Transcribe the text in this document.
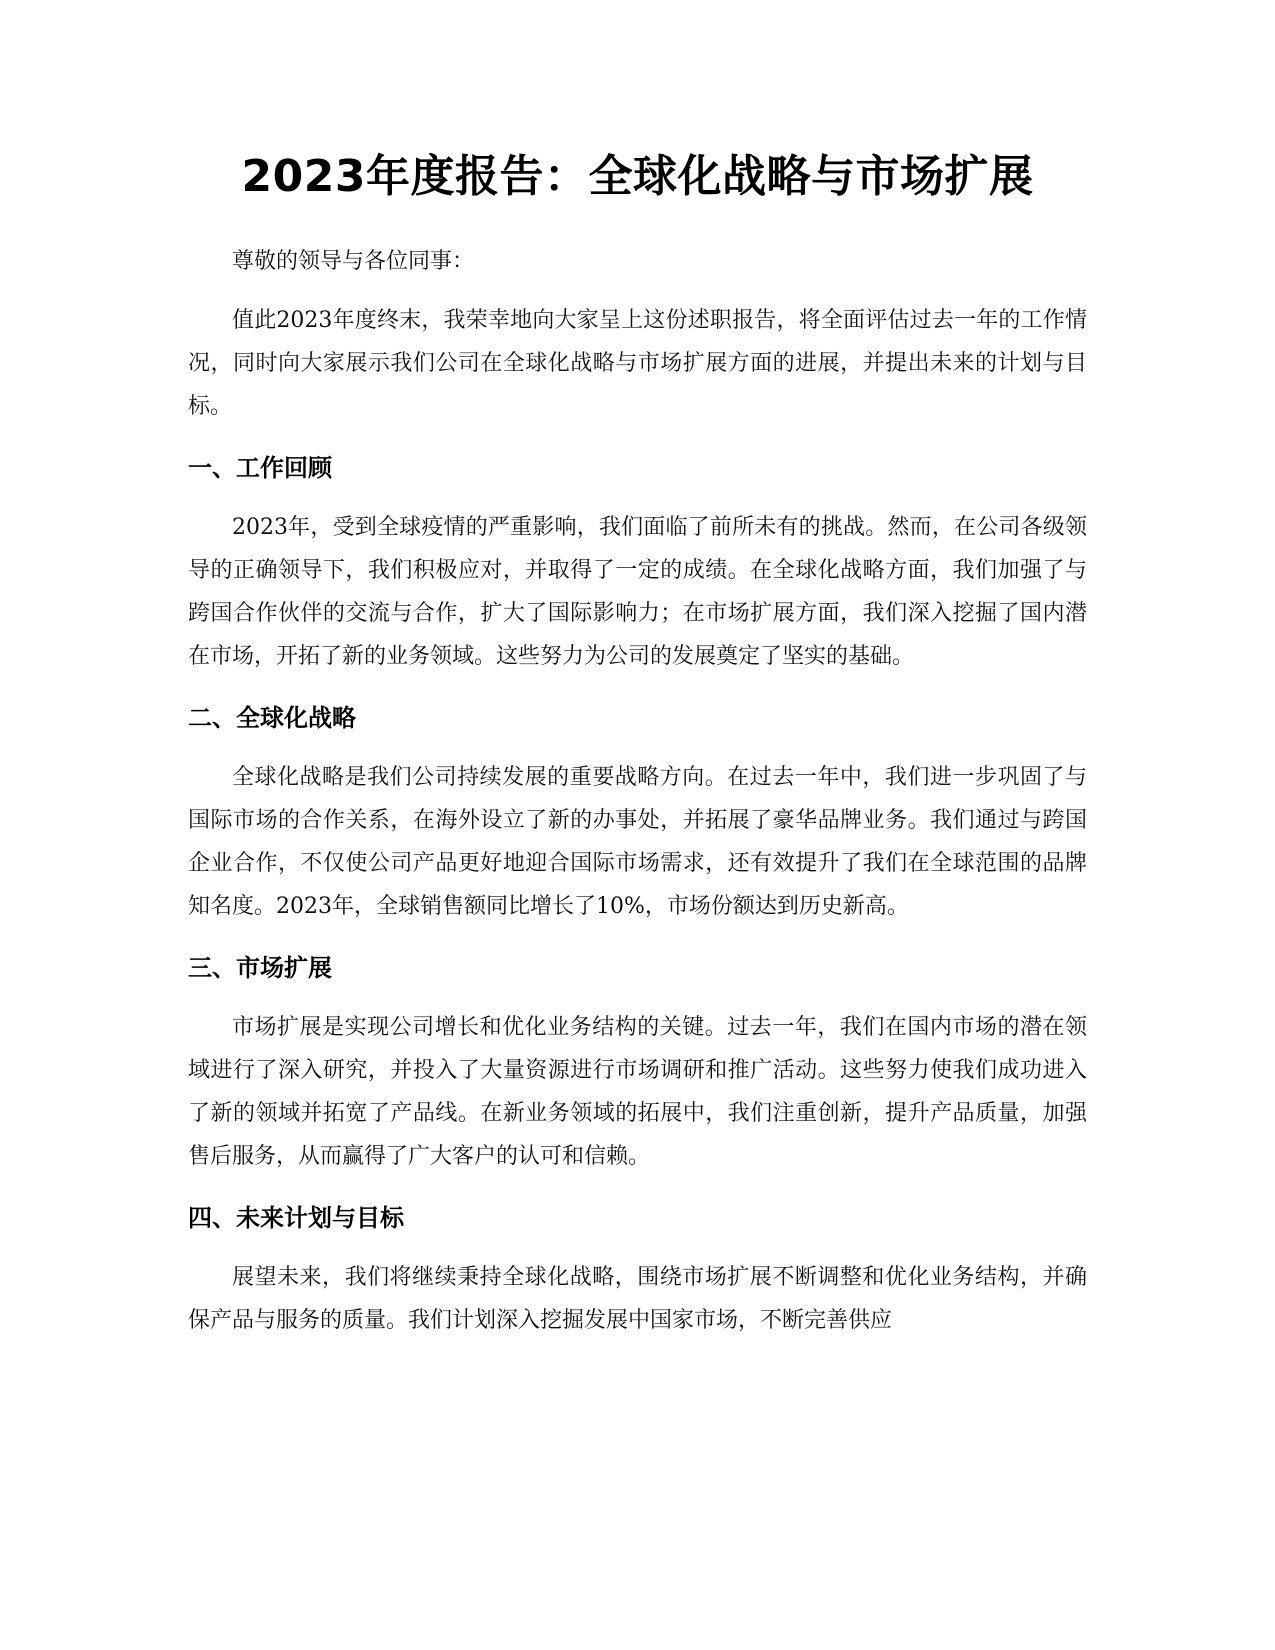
2023年度报告：全球化战略与市场扩展

尊敬的领导与各位同事：

值此2023年度终末，我荣幸地向大家呈上这份述职报告，将全面评估过去一年的工作情况，同时向大家展示我们公司在全球化战略与市场扩展方面的进展，并提出未来的计划与目标。

一、工作回顾

2023年，受到全球疫情的严重影响，我们面临了前所未有的挑战。然而，在公司各级领导的正确领导下，我们积极应对，并取得了一定的成绩。在全球化战略方面，我们加强了与跨国合作伙伴的交流与合作，扩大了国际影响力；在市场扩展方面，我们深入挖掘了国内潜在市场，开拓了新的业务领域。这些努力为公司的发展奠定了坚实的基础。

二、全球化战略

全球化战略是我们公司持续发展的重要战略方向。在过去一年中，我们进一步巩固了与国际市场的合作关系，在海外设立了新的办事处，并拓展了豪华品牌业务。我们通过与跨国企业合作，不仅使公司产品更好地迎合国际市场需求，还有效提升了我们在全球范围的品牌知名度。2023年，全球销售额同比增长了10%，市场份额达到历史新高。

三、市场扩展

市场扩展是实现公司增长和优化业务结构的关键。过去一年，我们在国内市场的潜在领域进行了深入研究，并投入了大量资源进行市场调研和推广活动。这些努力使我们成功进入了新的领域并拓宽了产品线。在新业务领域的拓展中，我们注重创新，提升产品质量，加强售后服务，从而赢得了广大客户的认可和信赖。

四、未来计划与目标

展望未来，我们将继续秉持全球化战略，围绕市场扩展不断调整和优化业务结构，并确保产品与服务的质量。我们计划深入挖掘发展中国家市场，不断完善供应
